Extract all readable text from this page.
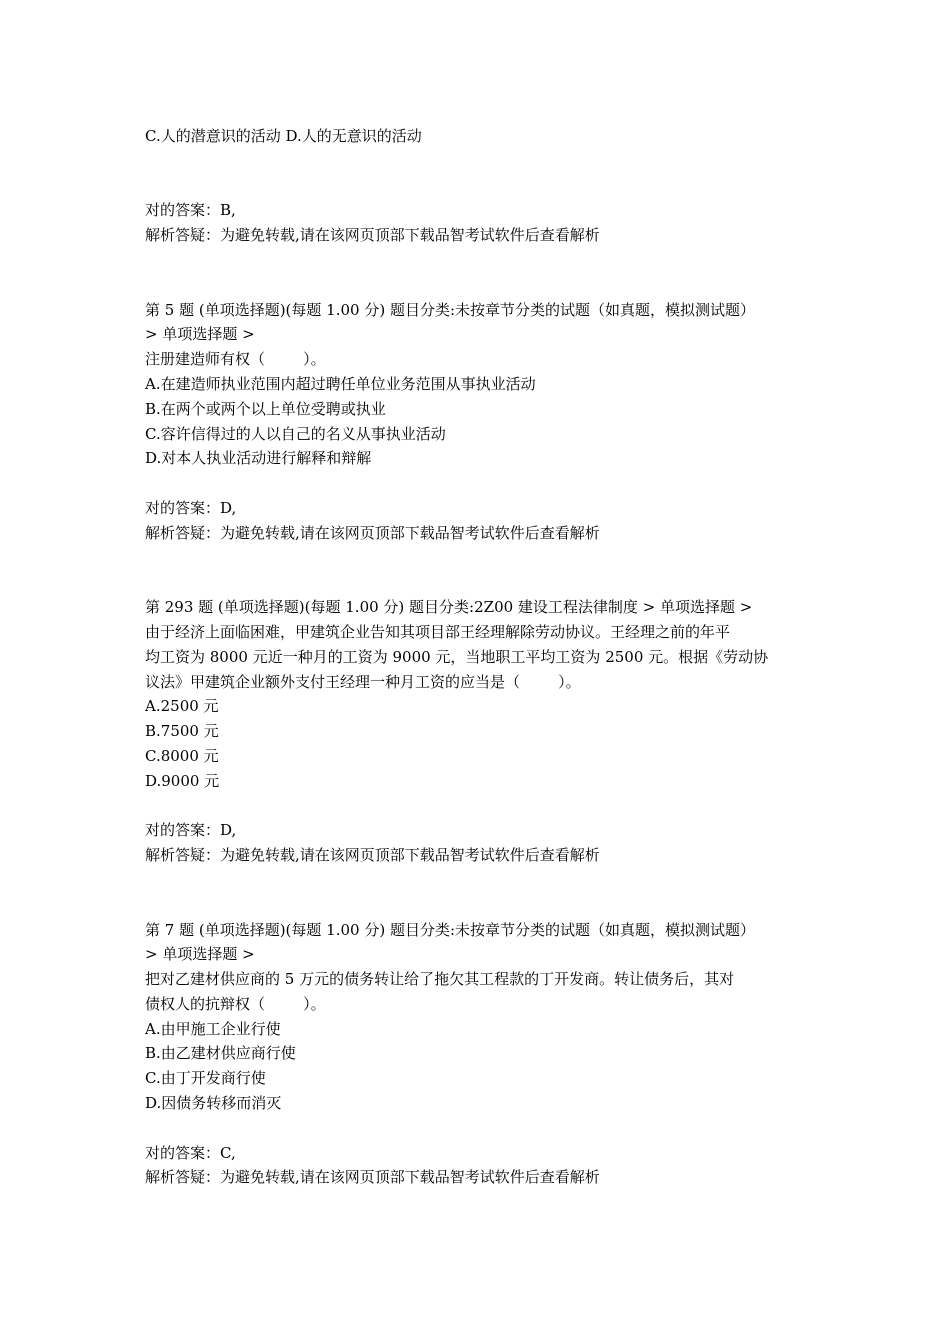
C.人的潜意识的活动 D.人的无意识的活动
对的答案：B,
解析答疑：为避免转载,请在该网页顶部下载品智考试软件后查看解析
第 5 题 (单项选择题)(每题 1.00 分) 题目分类:未按章节分类的试题（如真题，模拟测试题）
> 单项选择题 >
注册建造师有权（        ）。
A.在建造师执业范围内超过聘任单位业务范围从事执业活动
B.在两个或两个以上单位受聘或执业
C.容许信得过的人以自己的名义从事执业活动
D.对本人执业活动进行解释和辩解
对的答案：D,
解析答疑：为避免转载,请在该网页顶部下载品智考试软件后查看解析
第 293 题 (单项选择题)(每题 1.00 分) 题目分类:2Z00 建设工程法律制度 > 单项选择题 >
由于经济上面临困难，甲建筑企业告知其项目部王经理解除劳动协议。王经理之前的年平
均工资为 8000 元近一种月的工资为 9000 元，当地职工平均工资为 2500 元。根据《劳动协
议法》甲建筑企业额外支付王经理一种月工资的应当是（        ）。
A.2500 元
B.7500 元
C.8000 元
D.9000 元
对的答案：D,
解析答疑：为避免转载,请在该网页顶部下载品智考试软件后查看解析
第 7 题 (单项选择题)(每题 1.00 分) 题目分类:未按章节分类的试题（如真题，模拟测试题）
> 单项选择题 >
把对乙建材供应商的 5 万元的债务转让给了拖欠其工程款的丁开发商。转让债务后，其对
债权人的抗辩权（        ）。
A.由甲施工企业行使
B.由乙建材供应商行使
C.由丁开发商行使
D.因债务转移而消灭
对的答案：C,
解析答疑：为避免转载,请在该网页顶部下载品智考试软件后查看解析
